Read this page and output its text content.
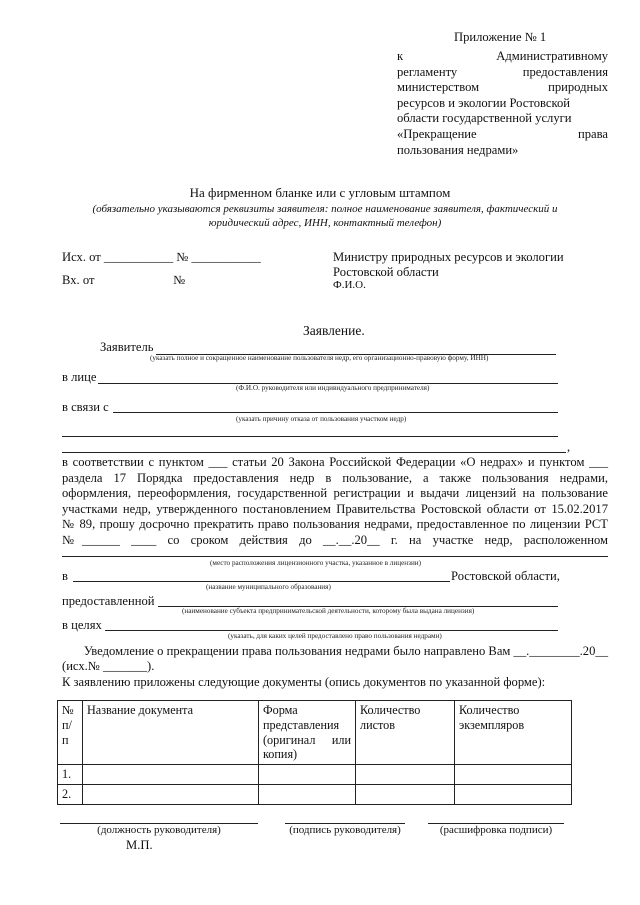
Приложение № 1
к Административному
регламенту предоставления
министерством природных
ресурсов и экологии Ростовской
области государственной услуги
«Прекращение права
пользования недрами»
На фирменном бланке или с угловым штампом
(обязательно указываются реквизиты заявителя: полное наименование заявителя, фактический и
юридический адрес, ИНН, контактный телефон)
Исх. от ___________ № ___________
Вх. от                         №
Министру природных ресурсов и экологии
Ростовской области
Ф.И.О.
Заявление.
Заявитель
(указать полное и сокращенное наименование пользователя недр, его организационно-правовую форму, ИНН)
в лице
(Ф.И.О. руководителя или индивидуального предпринимателя)
в связи с
(указать причину отказа от пользования участком недр)
,
в соответствии с пунктом ___ статьи 20 Закона Российской Федерации «О недрах» и пунктом ___
раздела 17 Порядка предоставления недр в пользование, а также пользования недрами,
оформления, переоформления, государственной регистрации и выдачи лицензий на пользование
участками недр, утвержденного постановлением Правительства Ростовской области от 15.02.2017
№ 89, прошу досрочно прекратить право пользования недрами, предоставленное по лицензии РСТ
№______ ____ со сроком действия до __.__.20__ г. на участке недр, расположенном
(место расположения лицензионного участка, указанное в лицензии)
в	Ростовской области,
(название муниципального образования)
предоставленной
(наименование субъекта предпринимательской деятельности, которому была выдана лицензия)
в целях
(указать, для каких целей предоставлено право пользования недрами)
Уведомление о прекращении права пользования недрами было направлено Вам __.________.20__
(исх.№ _______).
К заявлению приложены следующие документы (опись документов по указанной форме):
№ п/п	Название документа	Форма представления (оригинал или копия)	Количество листов	Количество экземпляров
1.				
2.				
(должность руководителя)	(подпись руководителя)	(расшифровка подписи)
М.П.
